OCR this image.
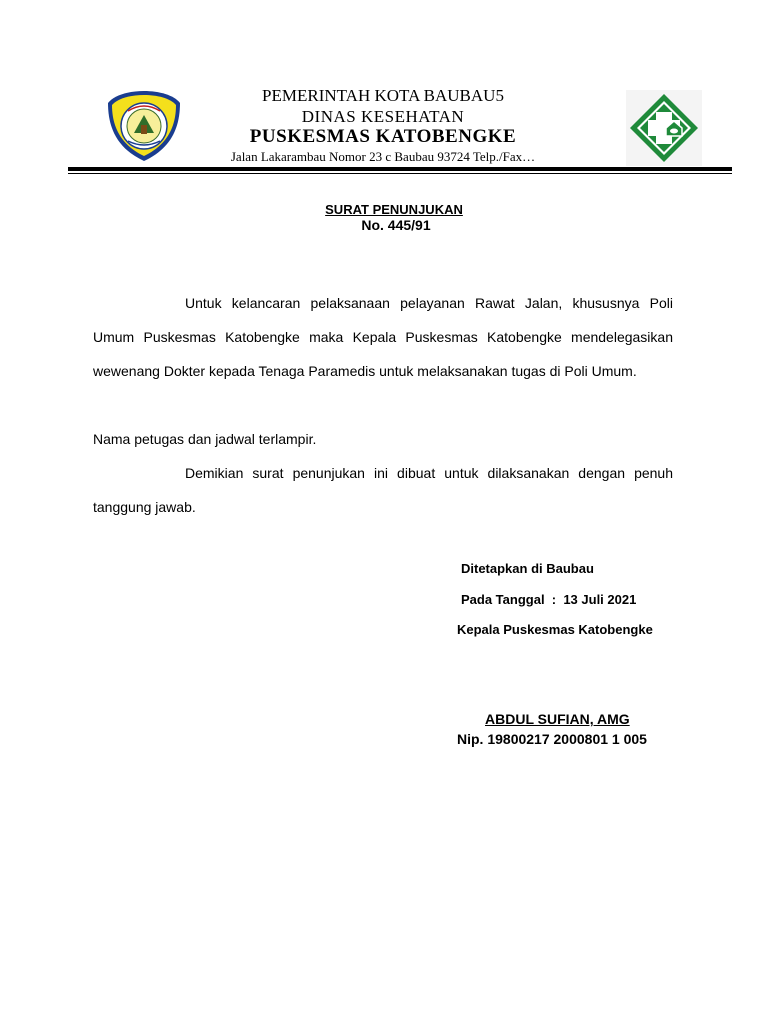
PEMERINTAH KOTA BAUBAU5
DINAS KESEHATAN
PUSKESMAS KATOBENGKE
Jalan Lakarambau Nomor 23 c Baubau 93724 Telp./Fax…
SURAT PENUNJUKAN
No. 445/91
Untuk kelancaran pelaksanaan pelayanan Rawat Jalan, khususnya Poli Umum Puskesmas Katobengke maka Kepala Puskesmas Katobengke mendelegasikan wewenang Dokter kepada Tenaga Paramedis untuk melaksanakan tugas di Poli Umum.
Nama petugas dan jadwal terlampir.
Demikian surat penunjukan ini dibuat untuk dilaksanakan dengan penuh tanggung jawab.
Ditetapkan di Baubau
Pada Tanggal  :  13 Juli 2021
Kepala Puskesmas Katobengke
ABDUL SUFIAN, AMG
Nip. 19800217 2000801 1 005
